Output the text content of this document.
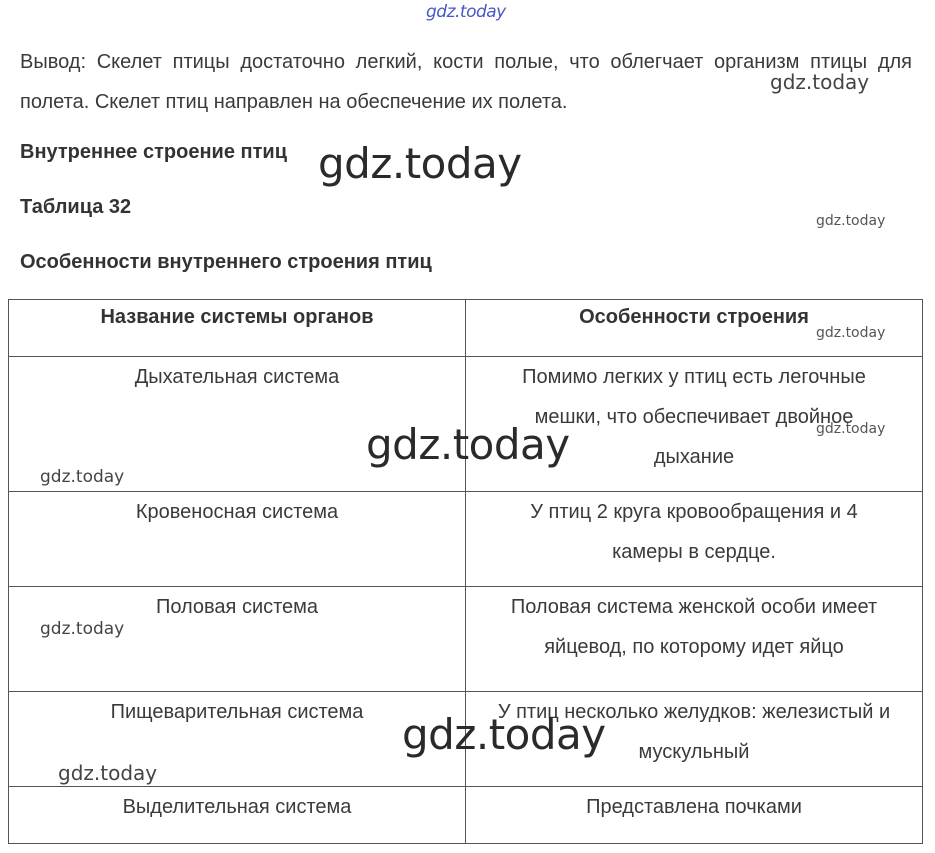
Вывод: Скелет птицы достаточно легкий, кости полые, что облегчает организм птицы для полета. Скелет птиц направлен на обеспечение их полета.
Внутреннее строение птиц
Таблица 32
Особенности внутреннего строения птиц
Название системы органов	Особенности строения
Дыхательная система	Помимо легких у птиц есть легочные мешки, что обеспечивает двойное дыхание
Кровеносная система	У птиц 2 круга кровообращения и 4 камеры в сердце.
Половая система	Половая система женской особи имеет яйцевод, по которому идет яйцо
Пищеварительная система	У птиц несколько желудков: железистый и мускульный
Выделительная система	Представлена почками
gdz.today
gdz.today
gdz.today
gdz.today
gdz.today
gdz.today	gdz.today
gdz.today
gdz.today
gdz.today
gdz.today
